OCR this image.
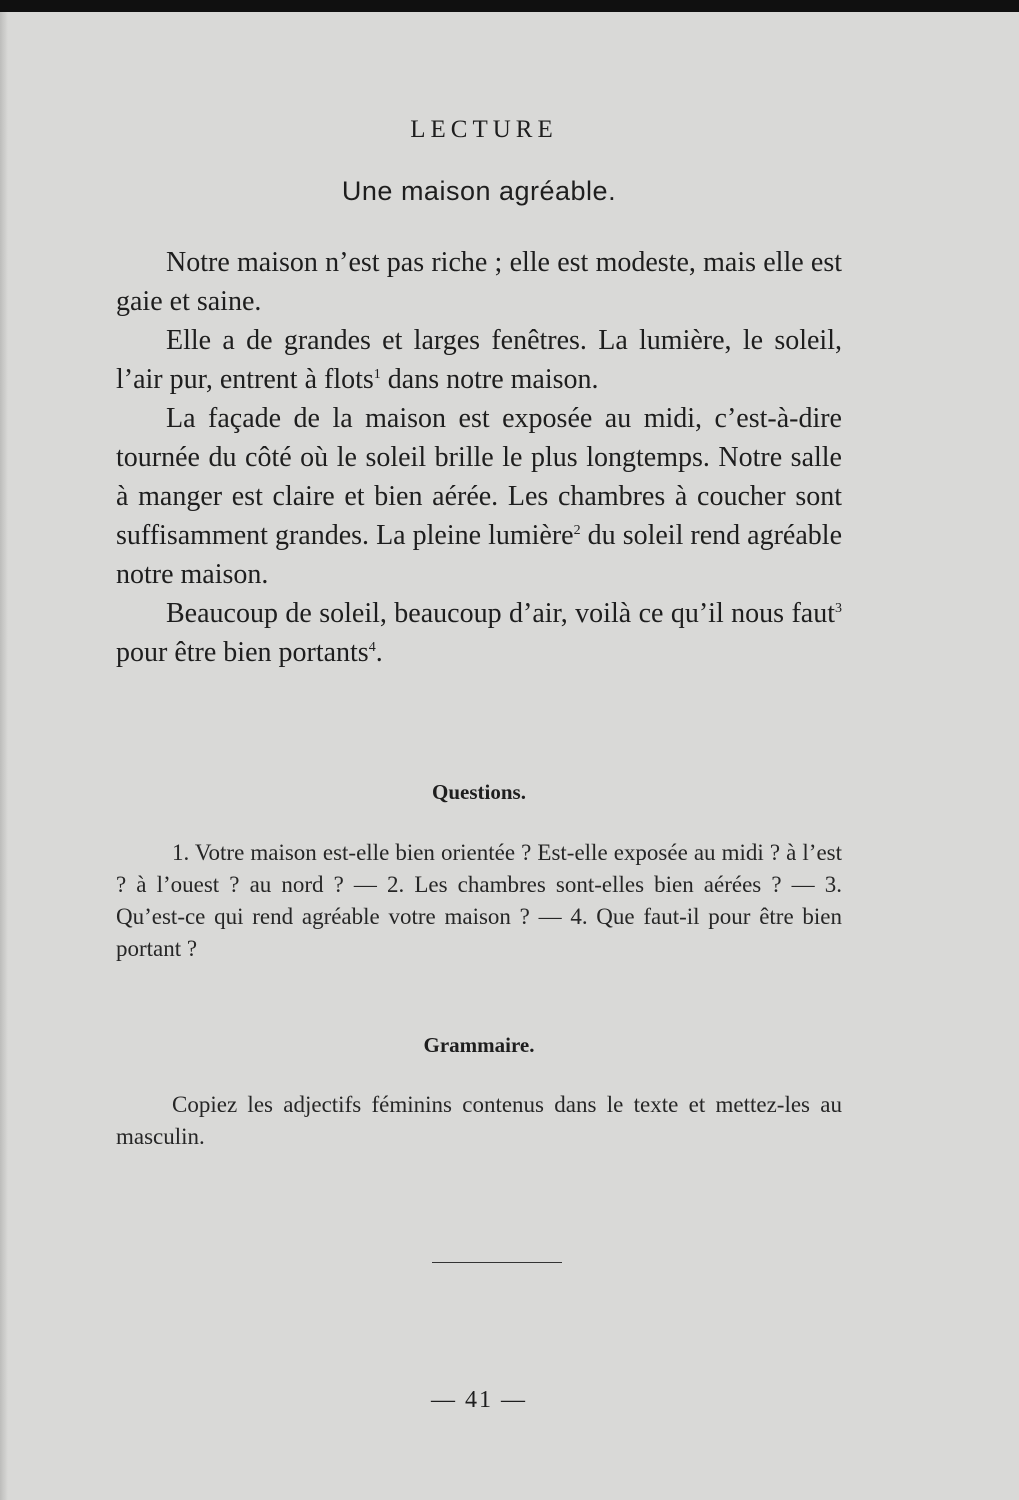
LECTURE
Une maison agréable.

Notre maison n’est pas riche ; elle est modeste, mais elle est gaie et saine.

Elle a de grandes et larges fenêtres. La lumière, le soleil, l’air pur, entrent à flots$^1$ dans notre maison.

La façade de la maison est exposée au midi, c’est-à-dire tournée du côté où le soleil brille le plus longtemps. Notre salle à manger est claire et bien aérée. Les chambres à coucher sont suffisamment grandes. La pleine lumière$^2$ du soleil rend agréable notre maison.

Beaucoup de soleil, beaucoup d’air, voilà ce qu’il nous faut$^3$ pour être bien portants$^4$.

Questions.

1. Votre maison est-elle bien orientée ? Est-elle exposée au midi ? à l’est ? à l’ouest ? au nord ? — 2. Les chambres sont-elles bien aérées ? — 3. Qu’est-ce qui rend agréable votre maison ? — 4. Que faut-il pour être bien portant ?

Grammaire.

Copiez les adjectifs féminins contenus dans le texte et mettez-les au masculin.

— 41 —
